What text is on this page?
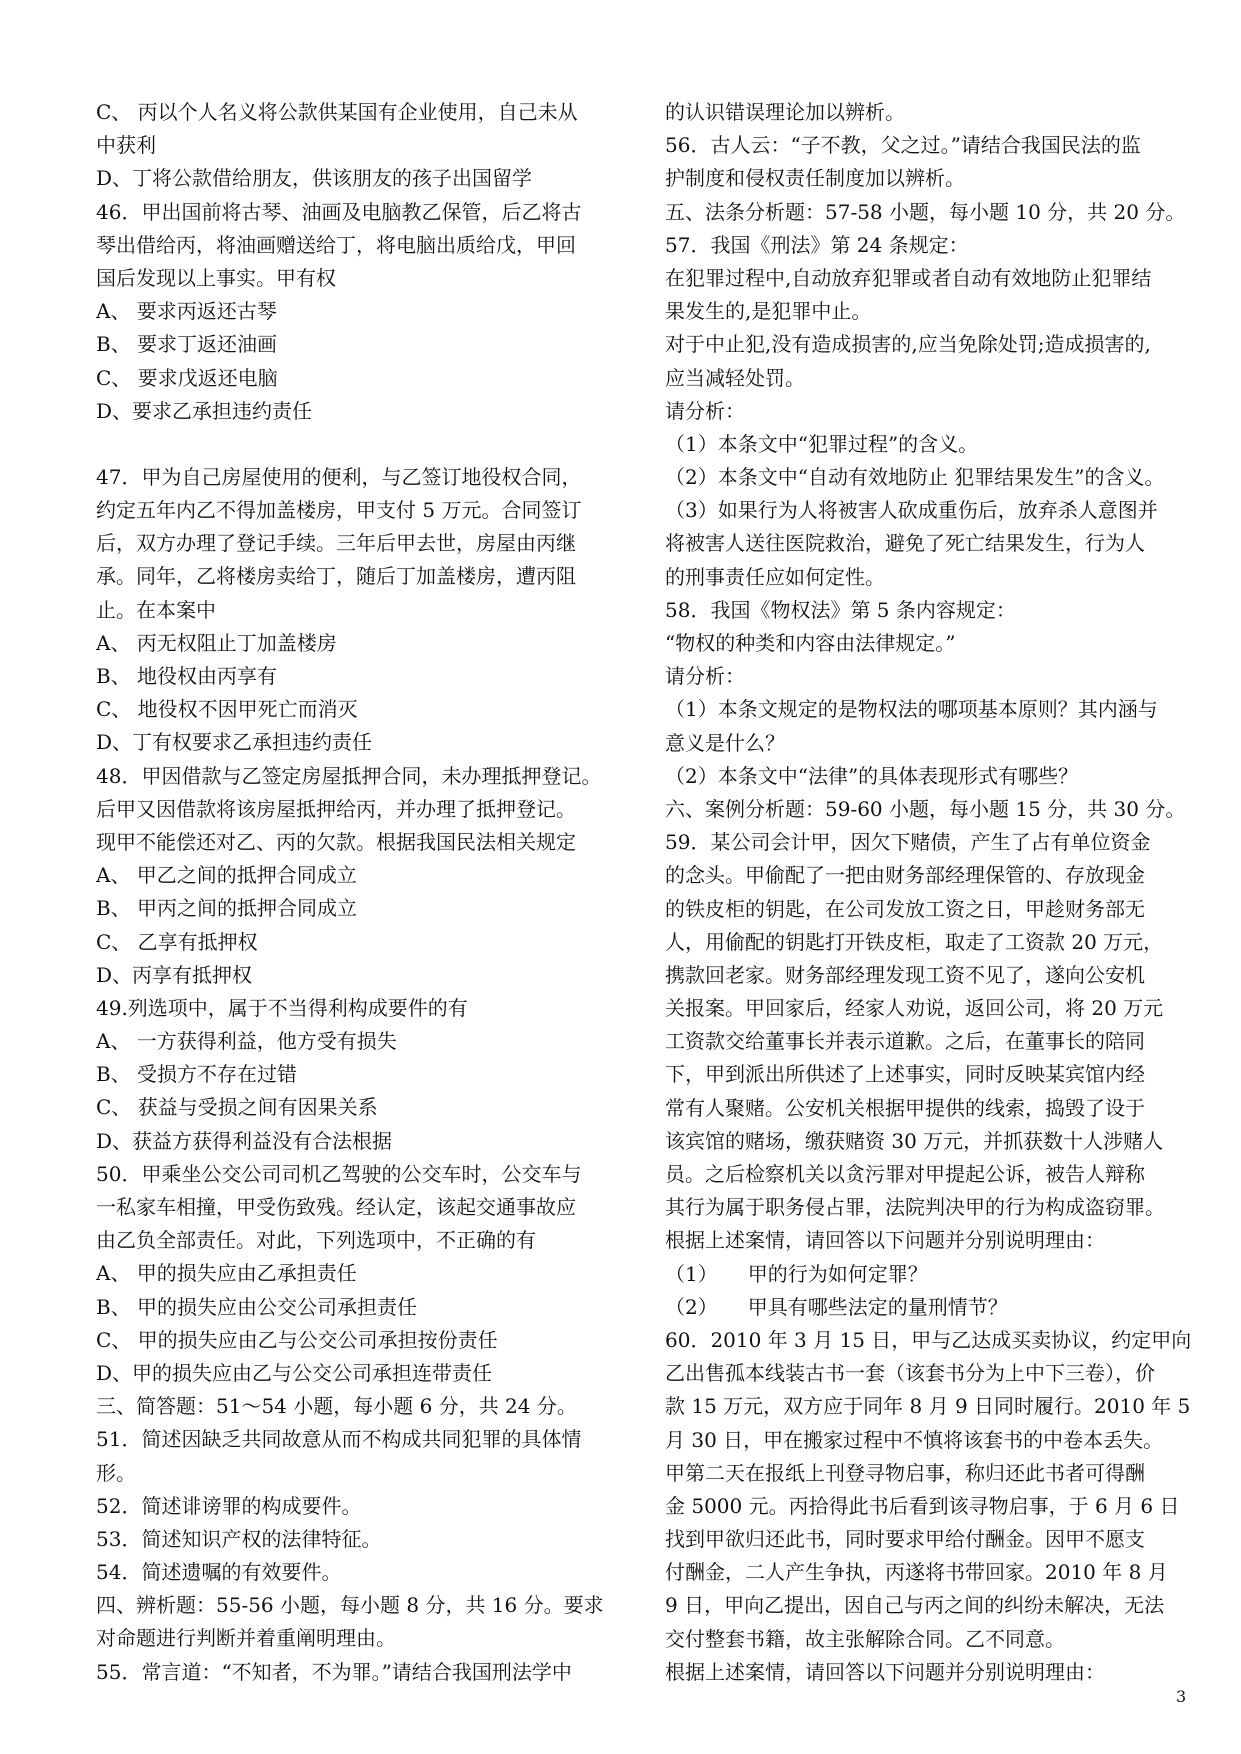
C、 丙以个人名义将公款供某国有企业使用，自己未从
中获利
D、丁将公款借给朋友，供该朋友的孩子出国留学
46．甲出国前将古琴、油画及电脑教乙保管，后乙将古
琴出借给丙，将油画赠送给丁，将电脑出质给戊，甲回
国后发现以上事实。甲有权
A、 要求丙返还古琴
B、 要求丁返还油画
C、 要求戊返还电脑
D、要求乙承担违约责任
47．甲为自己房屋使用的便利，与乙签订地役权合同，
约定五年内乙不得加盖楼房，甲支付 5 万元。合同签订
后，双方办理了登记手续。三年后甲去世，房屋由丙继
承。同年，乙将楼房卖给丁，随后丁加盖楼房，遭丙阻
止。在本案中
A、 丙无权阻止丁加盖楼房
B、 地役权由丙享有
C、 地役权不因甲死亡而消灭
D、丁有权要求乙承担违约责任
48．甲因借款与乙签定房屋抵押合同，未办理抵押登记。
后甲又因借款将该房屋抵押给丙，并办理了抵押登记。
现甲不能偿还对乙、丙的欠款。根据我国民法相关规定
A、 甲乙之间的抵押合同成立
B、 甲丙之间的抵押合同成立
C、 乙享有抵押权
D、丙享有抵押权
49.列选项中，属于不当得利构成要件的有
A、 一方获得利益，他方受有损失
B、 受损方不存在过错
C、 获益与受损之间有因果关系
D、获益方获得利益没有合法根据
50．甲乘坐公交公司司机乙驾驶的公交车时，公交车与
一私家车相撞，甲受伤致残。经认定，该起交通事故应
由乙负全部责任。对此，下列选项中，不正确的有
A、 甲的损失应由乙承担责任
B、 甲的损失应由公交公司承担责任
C、 甲的损失应由乙与公交公司承担按份责任
D、甲的损失应由乙与公交公司承担连带责任
三、简答题：51～54 小题，每小题 6 分，共 24 分。
51．简述因缺乏共同故意从而不构成共同犯罪的具体情
形。
52．简述诽谤罪的构成要件。
53．简述知识产权的法律特征。
54．简述遗嘱的有效要件。
四、辨析题：55-56 小题，每小题 8 分，共 16 分。要求
对命题进行判断并着重阐明理由。
55．常言道：“不知者，不为罪。”请结合我国刑法学中
的认识错误理论加以辨析。
56．古人云：“子不教，父之过。”请结合我国民法的监
护制度和侵权责任制度加以辨析。
五、法条分析题：57-58 小题，每小题 10 分，共 20 分。
57．我国《刑法》第 24 条规定：
在犯罪过程中,自动放弃犯罪或者自动有效地防止犯罪结
果发生的,是犯罪中止。
对于中止犯,没有造成损害的,应当免除处罚;造成损害的,
应当减轻处罚。
请分析：
（1）本条文中“犯罪过程”的含义。
（2）本条文中“自动有效地防止 犯罪结果发生”的含义。
（3）如果行为人将被害人砍成重伤后，放弃杀人意图并
将被害人送往医院救治，避免了死亡结果发生，行为人
的刑事责任应如何定性。
58．我国《物权法》第 5 条内容规定：
“物权的种类和内容由法律规定。”
请分析：
（1）本条文规定的是物权法的哪项基本原则？其内涵与
意义是什么？
（2）本条文中“法律”的具体表现形式有哪些？
六、案例分析题：59-60 小题，每小题 15 分，共 30 分。
59．某公司会计甲，因欠下赌债，产生了占有单位资金
的念头。甲偷配了一把由财务部经理保管的、存放现金
的铁皮柜的钥匙，在公司发放工资之日，甲趁财务部无
人，用偷配的钥匙打开铁皮柜，取走了工资款 20 万元，
携款回老家。财务部经理发现工资不见了，遂向公安机
关报案。甲回家后，经家人劝说，返回公司，将 20 万元
工资款交给董事长并表示道歉。之后，在董事长的陪同
下，甲到派出所供述了上述事实，同时反映某宾馆内经
常有人聚赌。公安机关根据甲提供的线索，捣毁了设于
该宾馆的赌场，缴获赌资 30 万元，并抓获数十人涉赌人
员。之后检察机关以贪污罪对甲提起公诉，被告人辩称
其行为属于职务侵占罪，法院判决甲的行为构成盗窃罪。
根据上述案情，请回答以下问题并分别说明理由：
（1）　　甲的行为如何定罪？
（2）　　甲具有哪些法定的量刑情节？
60．2010 年 3 月 15 日，甲与乙达成买卖协议，约定甲向
乙出售孤本线装古书一套（该套书分为上中下三卷），价
款 15 万元，双方应于同年 8 月 9 日同时履行。2010 年 5
月 30 日，甲在搬家过程中不慎将该套书的中卷本丢失。
甲第二天在报纸上刊登寻物启事，称归还此书者可得酬
金 5000 元。丙拾得此书后看到该寻物启事，于 6 月 6 日
找到甲欲归还此书，同时要求甲给付酬金。因甲不愿支
付酬金，二人产生争执，丙遂将书带回家。2010 年 8 月
9 日，甲向乙提出，因自己与丙之间的纠纷未解决，无法
交付整套书籍，故主张解除合同。乙不同意。
根据上述案情，请回答以下问题并分别说明理由：
3
